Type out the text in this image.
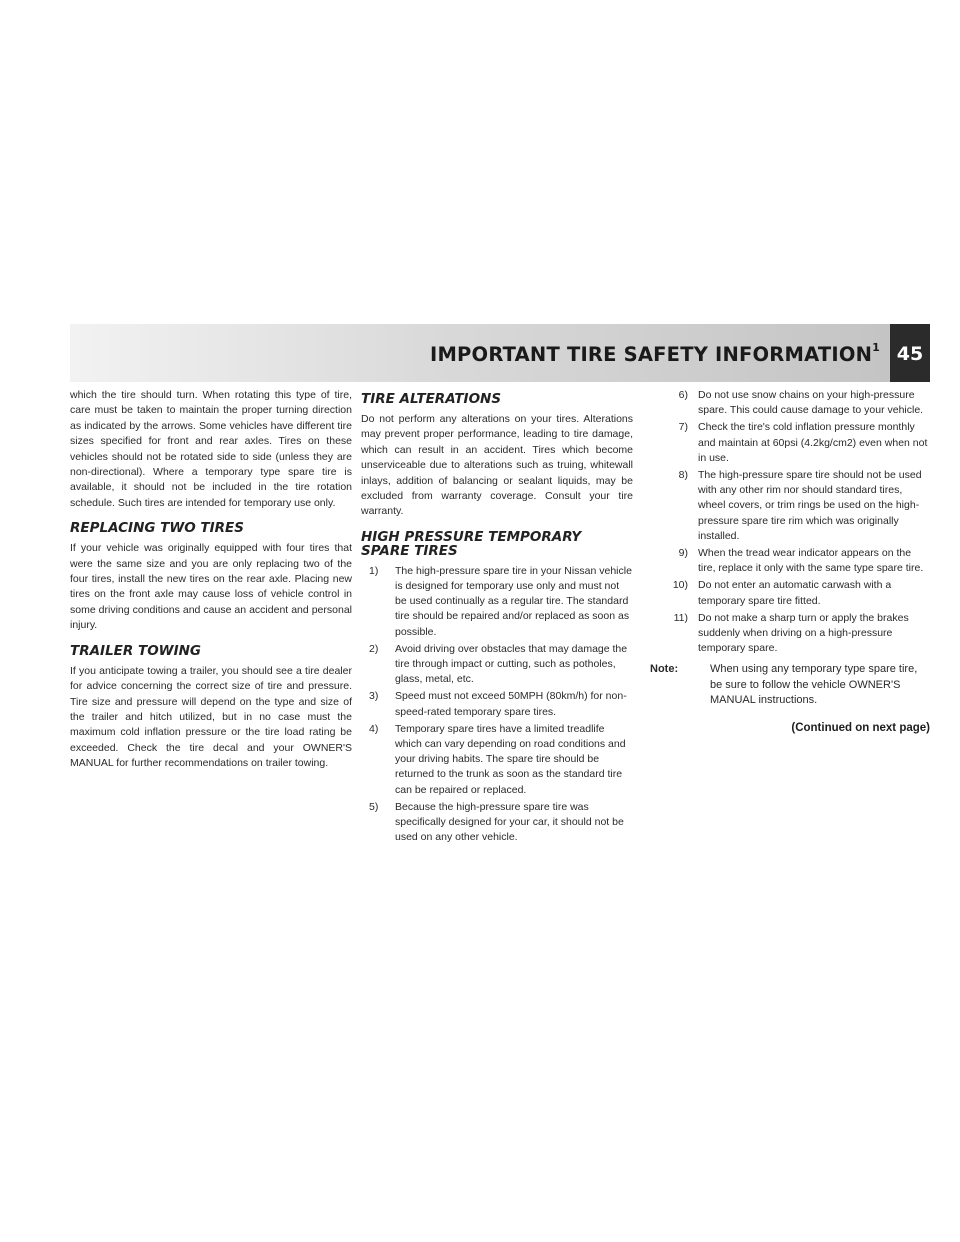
IMPORTANT TIRE SAFETY INFORMATION$^1$ 45

which the tire should turn. When rotating this type of tire, care must be taken to maintain the proper turning direction as indicated by the arrows. Some vehicles have different tire sizes specified for front and rear axles. Tires on these vehicles should not be rotated side to side (unless they are non-directional). Where a temporary type spare tire is available, it should not be included in the tire rotation schedule. Such tires are intended for temporary use only.

REPLACING TWO TIRES

If your vehicle was originally equipped with four tires that were the same size and you are only replacing two of the four tires, install the new tires on the rear axle. Placing new tires on the front axle may cause loss of vehicle control in some driving conditions and cause an accident and personal injury.

TRAILER TOWING

If you anticipate towing a trailer, you should see a tire dealer for advice concerning the correct size of tire and pressure. Tire size and pressure will depend on the type and size of the trailer and hitch utilized, but in no case must the maximum cold inflation pressure or the tire load rating be exceeded. Check the tire decal and your OWNER'S MANUAL for further recommendations on trailer towing.

TIRE ALTERATIONS

Do not perform any alterations on your tires. Alterations may prevent proper performance, leading to tire damage, which can result in an accident. Tires which become unserviceable due to alterations such as truing, whitewall inlays, addition of balancing or sealant liquids, may be excluded from warranty coverage. Consult your tire warranty.

HIGH PRESSURE TEMPORARY SPARE TIRES
1) The high-pressure spare tire in your Nissan vehicle is designed for temporary use only and must not be used continually as a regular tire. The standard tire should be repaired and/or replaced as soon as possible.
2) Avoid driving over obstacles that may damage the tire through impact or cutting, such as potholes, glass, metal, etc.
3) Speed must not exceed 50MPH (80km/h) for non-speed-rated temporary spare tires.
4) Temporary spare tires have a limited treadlife which can vary depending on road conditions and your driving habits. The spare tire should be returned to the trunk as soon as the standard tire can be repaired or replaced.
5) Because the high-pressure spare tire was specifically designed for your car, it should not be used on any other vehicle.
6) Do not use snow chains on your high-pressure spare. This could cause damage to your vehicle.
7) Check the tire's cold inflation pressure monthly and maintain at 60psi (4.2kg/cm2) even when not in use.
8) The high-pressure spare tire should not be used with any other rim nor should standard tires, wheel covers, or trim rings be used on the high-pressure spare tire rim which was originally installed.
9) When the tread wear indicator appears on the tire, replace it only with the same type spare tire.
10) Do not enter an automatic carwash with a temporary spare tire fitted.
11) Do not make a sharp turn or apply the brakes suddenly when driving on a high-pressure temporary spare.
Note:	When using any temporary type spare tire, be sure to follow the vehicle OWNER'S MANUAL instructions.
(Continued on next page)
